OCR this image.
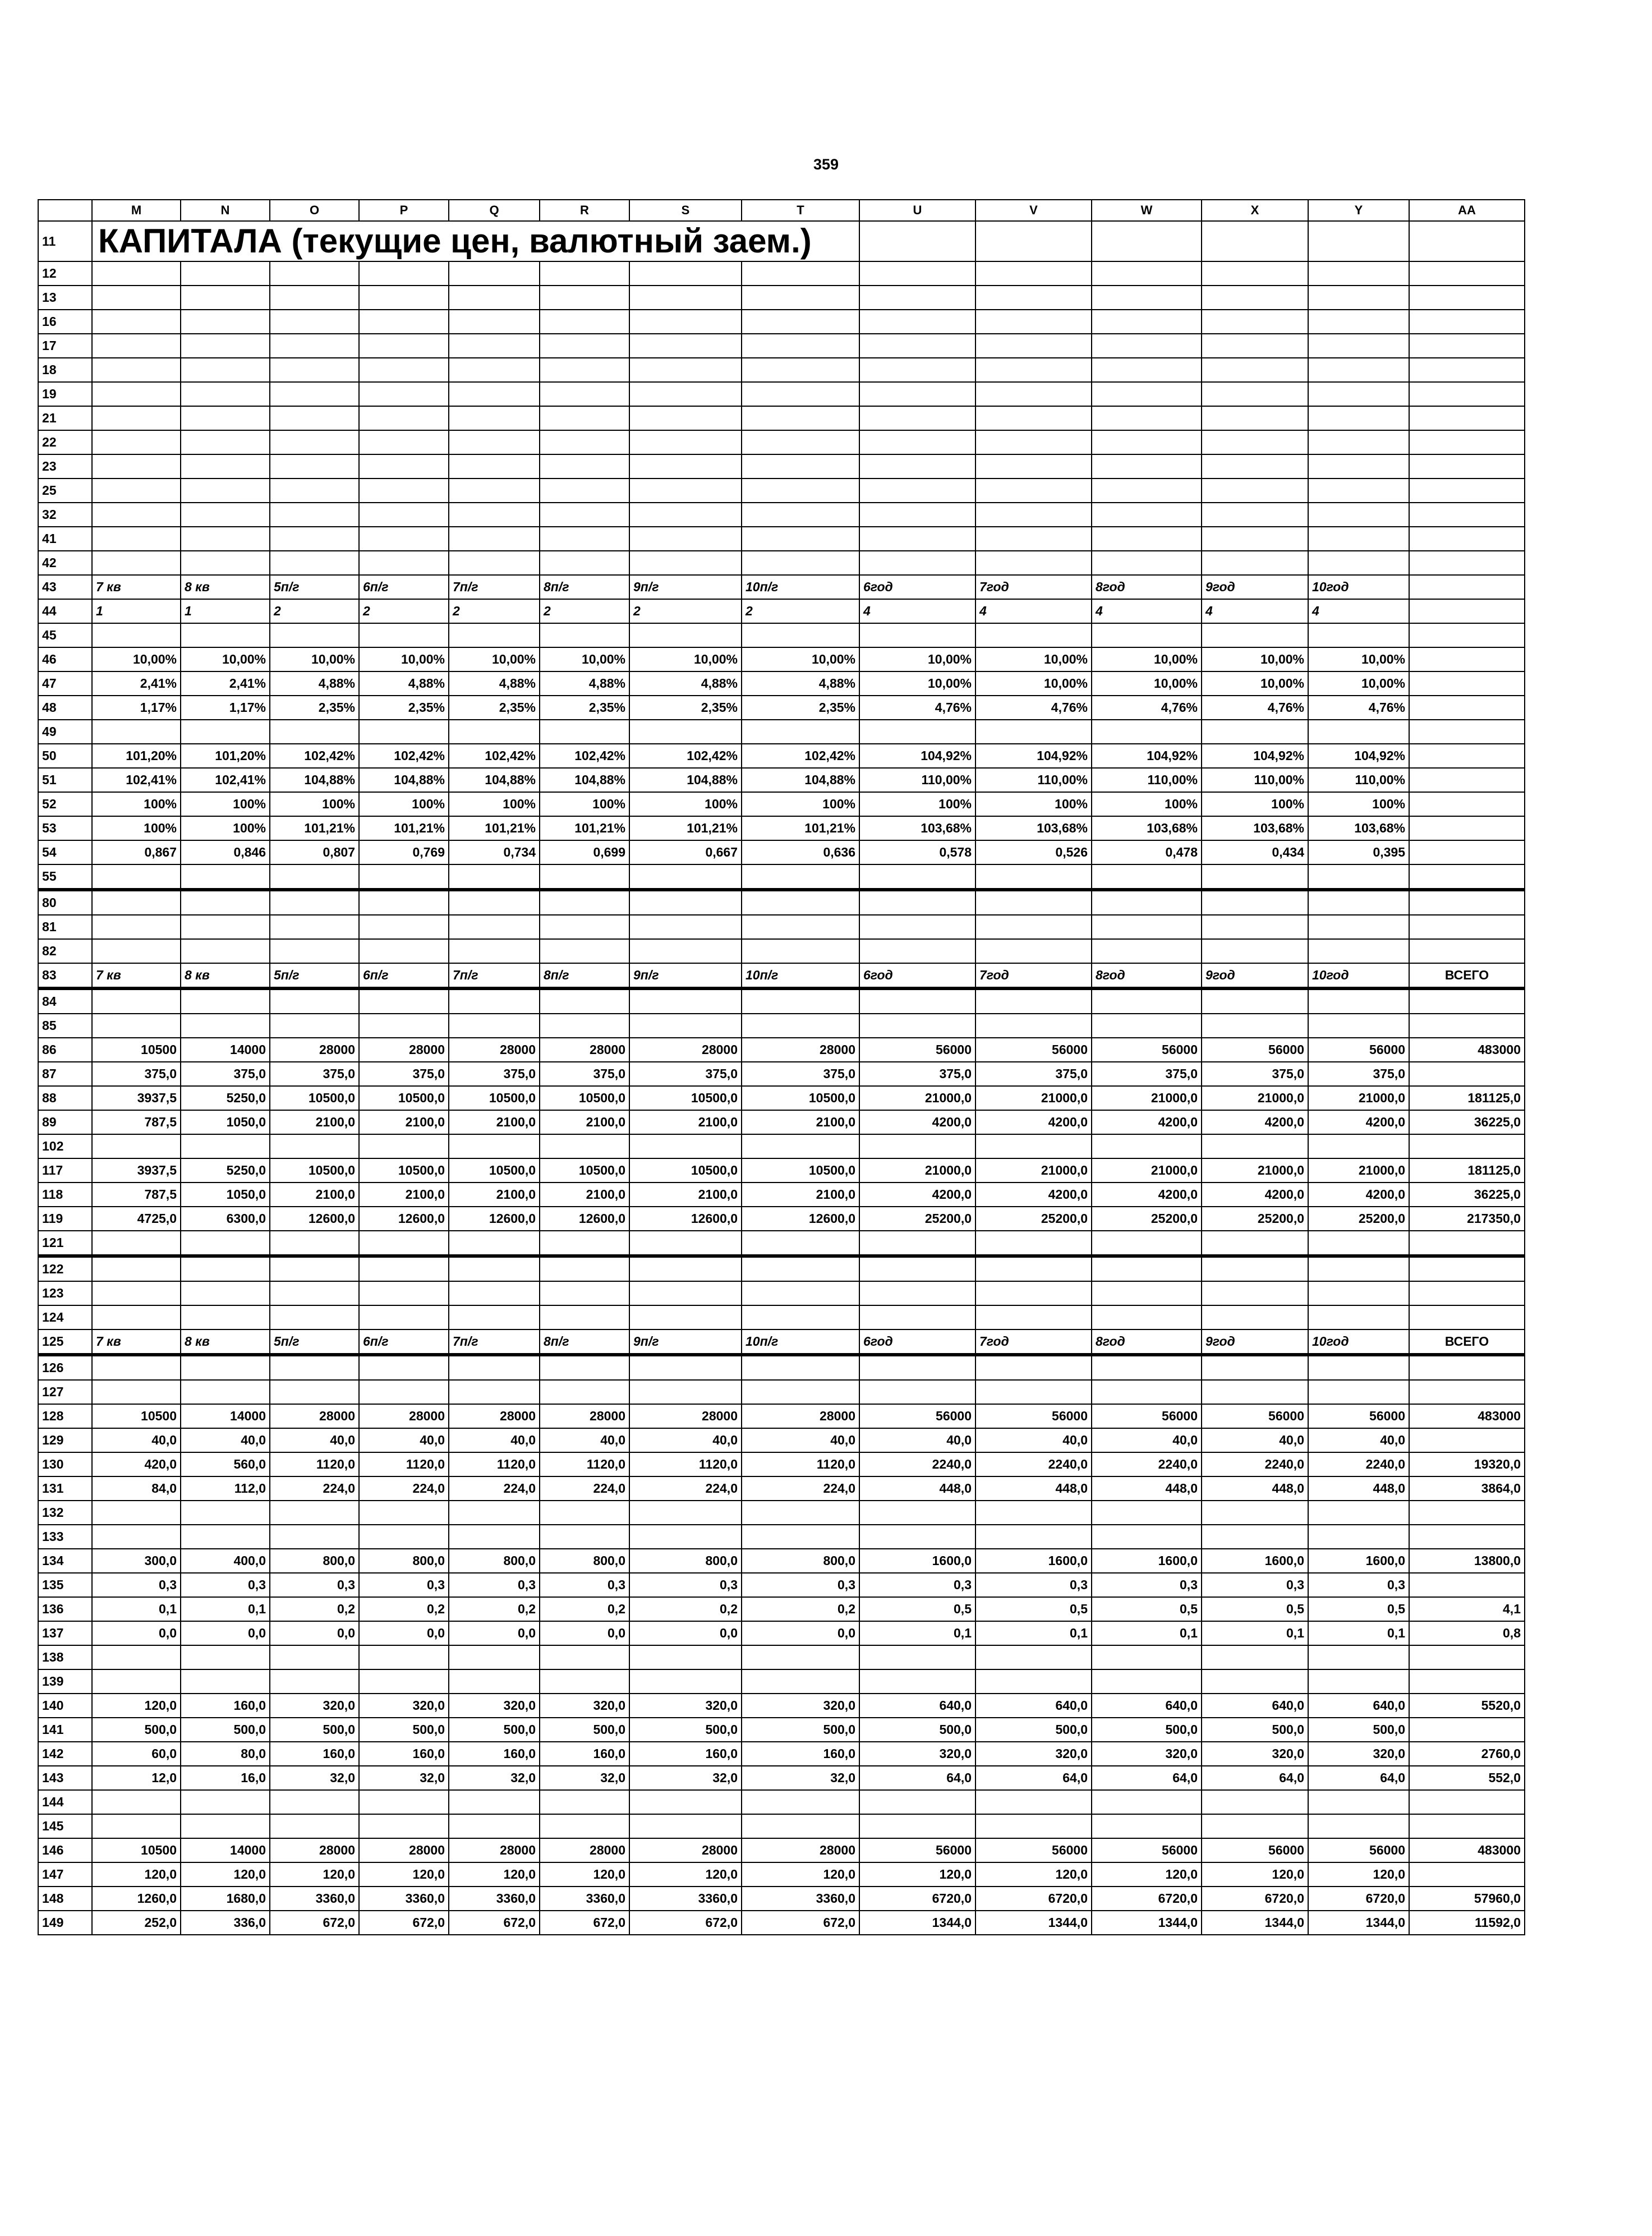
359
	M	N	O	P	Q	R	S	T	U	V	W	X	Y	AA
11	КАПИТАЛА (текущие цен, валютный заем.)													
12														
13														
16														
17														
18														
19														
21														
22														
23														
25														
32														
41														
42														
43	7 кв	8 кв	5п/г	6п/г	7п/г	8п/г	9п/г	10п/г	6год	7год	8год	9год	10год	
44	1	1	2	2	2	2	2	2	4	4	4	4	4	
45														
46	10,00%	10,00%	10,00%	10,00%	10,00%	10,00%	10,00%	10,00%	10,00%	10,00%	10,00%	10,00%	10,00%	
47	2,41%	2,41%	4,88%	4,88%	4,88%	4,88%	4,88%	4,88%	10,00%	10,00%	10,00%	10,00%	10,00%	
48	1,17%	1,17%	2,35%	2,35%	2,35%	2,35%	2,35%	2,35%	4,76%	4,76%	4,76%	4,76%	4,76%	
49														
50	101,20%	101,20%	102,42%	102,42%	102,42%	102,42%	102,42%	102,42%	104,92%	104,92%	104,92%	104,92%	104,92%	
51	102,41%	102,41%	104,88%	104,88%	104,88%	104,88%	104,88%	104,88%	110,00%	110,00%	110,00%	110,00%	110,00%	
52	100%	100%	100%	100%	100%	100%	100%	100%	100%	100%	100%	100%	100%	
53	100%	100%	101,21%	101,21%	101,21%	101,21%	101,21%	101,21%	103,68%	103,68%	103,68%	103,68%	103,68%	
54	0,867	0,846	0,807	0,769	0,734	0,699	0,667	0,636	0,578	0,526	0,478	0,434	0,395	
55														
80														
81														
82														
83	7 кв	8 кв	5п/г	6п/г	7п/г	8п/г	9п/г	10п/г	6год	7год	8год	9год	10год	ВСЕГО
84														
85														
86	10500	14000	28000	28000	28000	28000	28000	28000	56000	56000	56000	56000	56000	483000
87	375,0	375,0	375,0	375,0	375,0	375,0	375,0	375,0	375,0	375,0	375,0	375,0	375,0	
88	3937,5	5250,0	10500,0	10500,0	10500,0	10500,0	10500,0	10500,0	21000,0	21000,0	21000,0	21000,0	21000,0	181125,0
89	787,5	1050,0	2100,0	2100,0	2100,0	2100,0	2100,0	2100,0	4200,0	4200,0	4200,0	4200,0	4200,0	36225,0
102														
117	3937,5	5250,0	10500,0	10500,0	10500,0	10500,0	10500,0	10500,0	21000,0	21000,0	21000,0	21000,0	21000,0	181125,0
118	787,5	1050,0	2100,0	2100,0	2100,0	2100,0	2100,0	2100,0	4200,0	4200,0	4200,0	4200,0	4200,0	36225,0
119	4725,0	6300,0	12600,0	12600,0	12600,0	12600,0	12600,0	12600,0	25200,0	25200,0	25200,0	25200,0	25200,0	217350,0
121														
122														
123														
124														
125	7 кв	8 кв	5п/г	6п/г	7п/г	8п/г	9п/г	10п/г	6год	7год	8год	9год	10год	ВСЕГО
126														
127														
128	10500	14000	28000	28000	28000	28000	28000	28000	56000	56000	56000	56000	56000	483000
129	40,0	40,0	40,0	40,0	40,0	40,0	40,0	40,0	40,0	40,0	40,0	40,0	40,0	
130	420,0	560,0	1120,0	1120,0	1120,0	1120,0	1120,0	1120,0	2240,0	2240,0	2240,0	2240,0	2240,0	19320,0
131	84,0	112,0	224,0	224,0	224,0	224,0	224,0	224,0	448,0	448,0	448,0	448,0	448,0	3864,0
132														
133														
134	300,0	400,0	800,0	800,0	800,0	800,0	800,0	800,0	1600,0	1600,0	1600,0	1600,0	1600,0	13800,0
135	0,3	0,3	0,3	0,3	0,3	0,3	0,3	0,3	0,3	0,3	0,3	0,3	0,3	
136	0,1	0,1	0,2	0,2	0,2	0,2	0,2	0,2	0,5	0,5	0,5	0,5	0,5	4,1
137	0,0	0,0	0,0	0,0	0,0	0,0	0,0	0,0	0,1	0,1	0,1	0,1	0,1	0,8
138														
139														
140	120,0	160,0	320,0	320,0	320,0	320,0	320,0	320,0	640,0	640,0	640,0	640,0	640,0	5520,0
141	500,0	500,0	500,0	500,0	500,0	500,0	500,0	500,0	500,0	500,0	500,0	500,0	500,0	
142	60,0	80,0	160,0	160,0	160,0	160,0	160,0	160,0	320,0	320,0	320,0	320,0	320,0	2760,0
143	12,0	16,0	32,0	32,0	32,0	32,0	32,0	32,0	64,0	64,0	64,0	64,0	64,0	552,0
144														
145														
146	10500	14000	28000	28000	28000	28000	28000	28000	56000	56000	56000	56000	56000	483000
147	120,0	120,0	120,0	120,0	120,0	120,0	120,0	120,0	120,0	120,0	120,0	120,0	120,0	
148	1260,0	1680,0	3360,0	3360,0	3360,0	3360,0	3360,0	3360,0	6720,0	6720,0	6720,0	6720,0	6720,0	57960,0
149	252,0	336,0	672,0	672,0	672,0	672,0	672,0	672,0	1344,0	1344,0	1344,0	1344,0	1344,0	11592,0
